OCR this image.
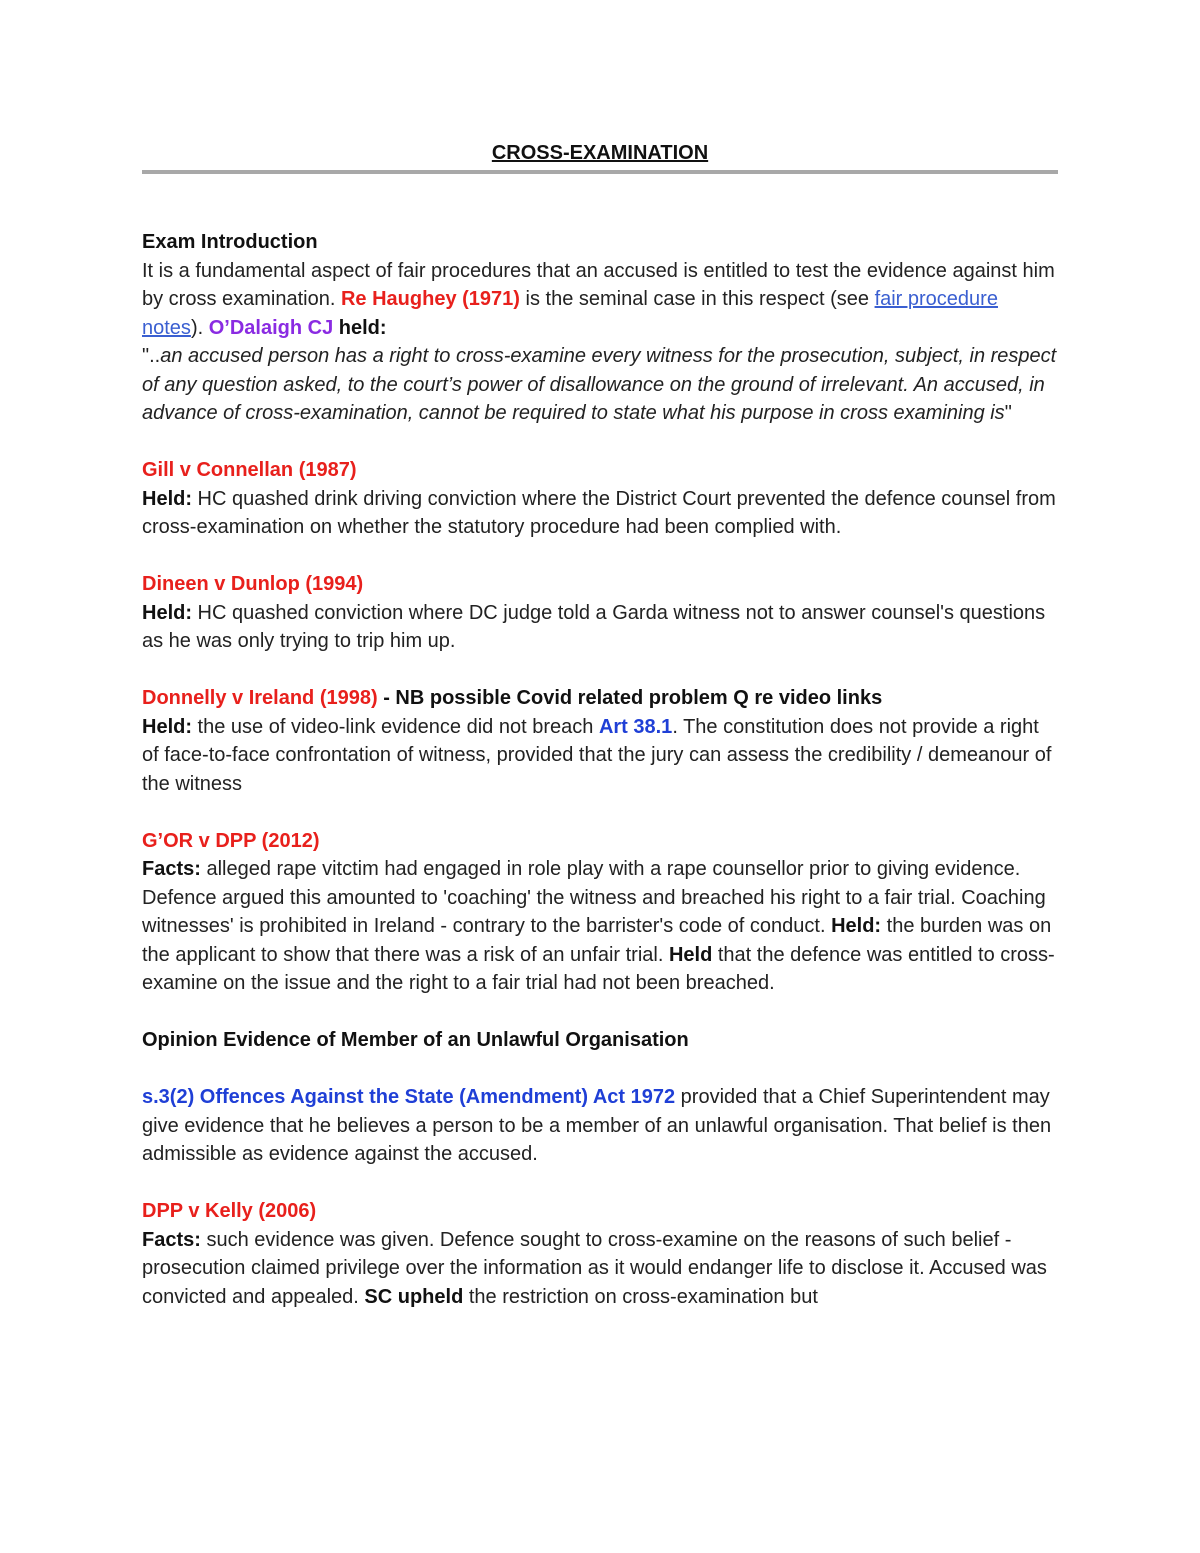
CROSS-EXAMINATION

Exam Introduction
It is a fundamental aspect of fair procedures that an accused is entitled to test the evidence against him by cross examination. Re Haughey (1971) is the seminal case in this respect (see fair procedure notes). O’Dalaigh CJ held:
"..an accused person has a right to cross-examine every witness for the prosecution, subject, in respect of any question asked, to the court’s power of disallowance on the ground of irrelevant. An accused, in advance of cross-examination, cannot be required to state what his purpose in cross examining is"

Gill v Connellan (1987)
Held: HC quashed drink driving conviction where the District Court prevented the defence counsel from cross-examination on whether the statutory procedure had been complied with.

Dineen v Dunlop (1994)
Held: HC quashed conviction where DC judge told a Garda witness not to answer counsel's questions as he was only trying to trip him up.

Donnelly v Ireland (1998) - NB possible Covid related problem Q re video links
Held: the use of video-link evidence did not breach Art 38.1. The constitution does not provide a right of face-to-face confrontation of witness, provided that the jury can assess the credibility / demeanour of the witness

G’OR v DPP (2012)
Facts: alleged rape vitctim had engaged in role play with a rape counsellor prior to giving evidence. Defence argued this amounted to 'coaching' the witness and breached his right to a fair trial. Coaching witnesses' is prohibited in Ireland - contrary to the barrister's code of conduct. Held: the burden was on the applicant to show that there was a risk of an unfair trial. Held that the defence was entitled to cross-examine on the issue and the right to a fair trial had not been breached.

Opinion Evidence of Member of an Unlawful Organisation

s.3(2) Offences Against the State (Amendment) Act 1972 provided that a Chief Superintendent may give evidence that he believes a person to be a member of an unlawful organisation. That belief is then admissible as evidence against the accused.

DPP v Kelly (2006)
Facts: such evidence was given. Defence sought to cross-examine on the reasons of such belief - prosecution claimed privilege over the information as it would endanger life to disclose it. Accused was convicted and appealed. SC upheld the restriction on cross-examination but
